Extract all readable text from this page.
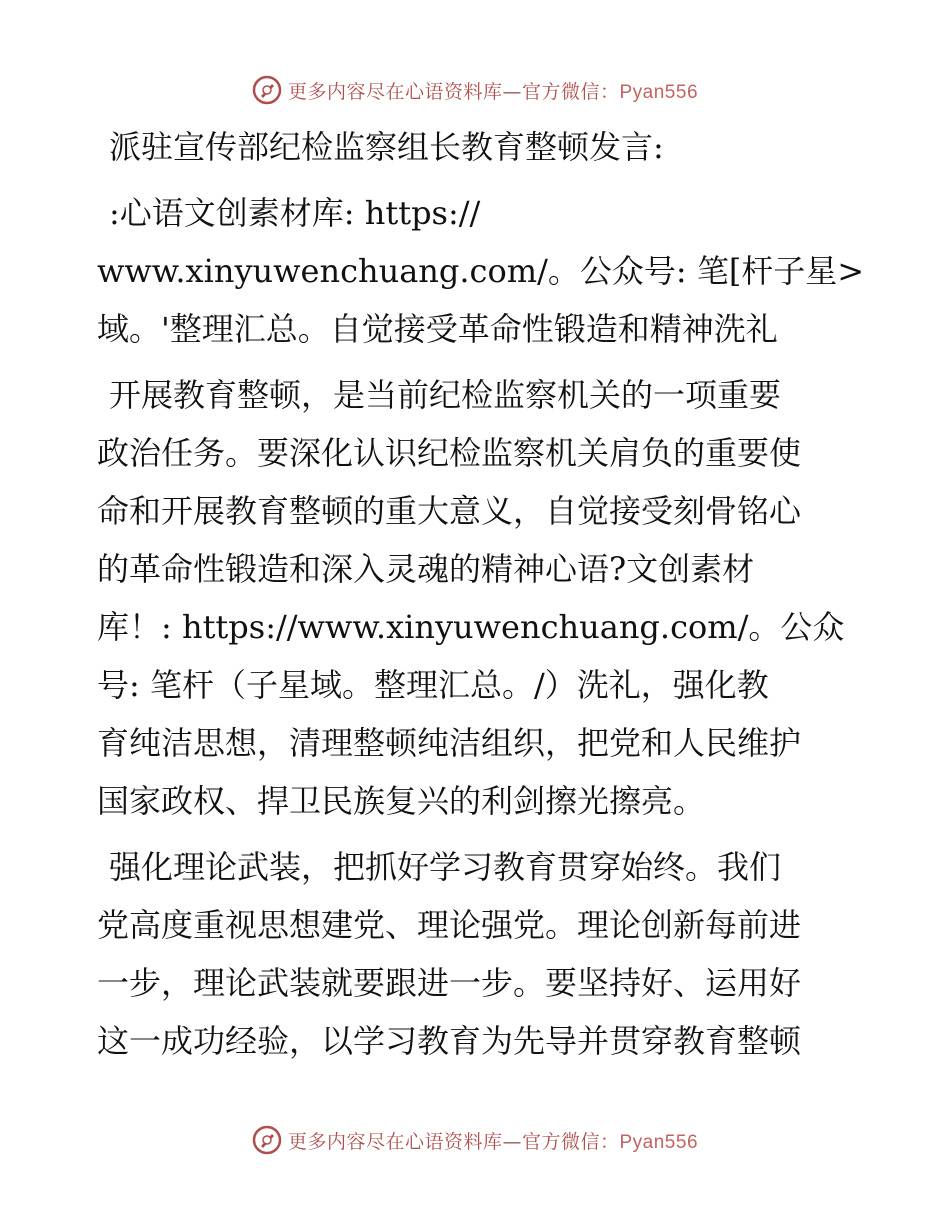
更多内容尽在心语资料库—官方微信：Pyan556
派驻宣传部纪检监察组长教育整顿发言:
:心语文创素材库: https://
www.xinyuwenchuang.com/。公众号: 笔[杆子星>
域。'整理汇总。自觉接受革命性锻造和精神洗礼
开展教育整顿，是当前纪检监察机关的一项重要
政治任务。要深化认识纪检监察机关肩负的重要使
命和开展教育整顿的重大意义，自觉接受刻骨铭心
的革命性锻造和深入灵魂的精神心语?文创素材
库！: https://www.xinyuwenchuang.com/。公众
号: 笔杆（子星域。整理汇总。/）洗礼，强化教
育纯洁思想，清理整顿纯洁组织，把党和人民维护
国家政权、捍卫民族复兴的利剑擦光擦亮。
强化理论武装，把抓好学习教育贯穿始终。我们
党高度重视思想建党、理论强党。理论创新每前进
一步，理论武装就要跟进一步。要坚持好、运用好
这一成功经验，以学习教育为先导并贯穿教育整顿
更多内容尽在心语资料库—官方微信：Pyan556
